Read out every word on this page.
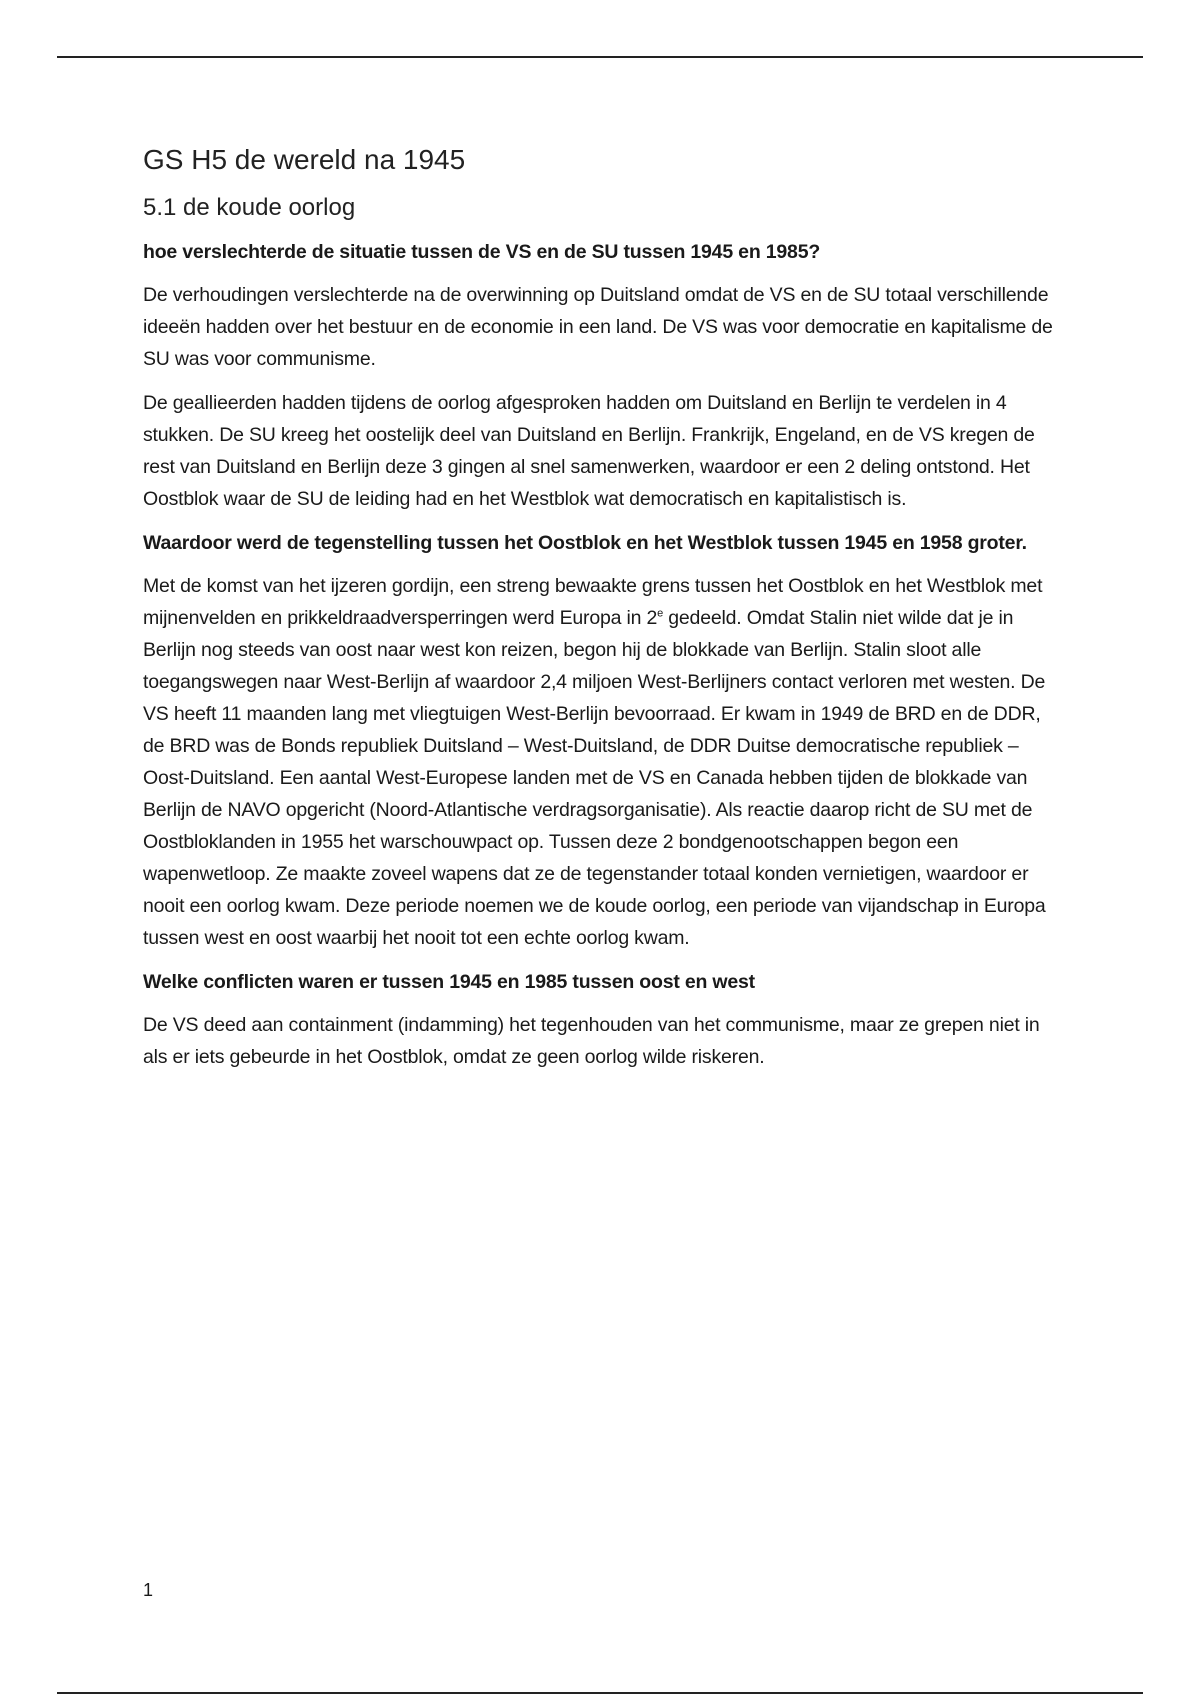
GS H5 de wereld na 1945
5.1 de koude oorlog

hoe verslechterde de situatie tussen de VS en de SU tussen 1945 en 1985?

De verhoudingen verslechterde na de overwinning op Duitsland omdat de VS en de SU totaal verschillende ideeën hadden over het bestuur en de economie in een land. De VS was voor democratie en kapitalisme de SU was voor communisme.

De geallieerden hadden tijdens de oorlog afgesproken hadden om Duitsland en Berlijn te verdelen in 4 stukken. De SU kreeg het oostelijk deel van Duitsland en Berlijn. Frankrijk, Engeland, en de VS kregen de rest van Duitsland en Berlijn deze 3 gingen al snel samenwerken, waardoor er een 2 deling ontstond. Het Oostblok waar de SU de leiding had en het Westblok wat democratisch en kapitalistisch is.

Waardoor werd de tegenstelling tussen het Oostblok en het Westblok tussen 1945 en 1958 groter.

Met de komst van het ijzeren gordijn, een streng bewaakte grens tussen het Oostblok en het Westblok met mijnenvelden en prikkeldraadversperringen werd Europa in 2e gedeeld. Omdat Stalin niet wilde dat je in Berlijn nog steeds van oost naar west kon reizen, begon hij de blokkade van Berlijn. Stalin sloot alle toegangswegen naar West-Berlijn af waardoor 2,4 miljoen West-Berlijners contact verloren met westen. De VS heeft 11 maanden lang met vliegtuigen West-Berlijn bevoorraad. Er kwam in 1949 de BRD en de DDR, de BRD was de Bonds republiek Duitsland – West-Duitsland, de DDR Duitse democratische republiek – Oost-Duitsland. Een aantal West-Europese landen met de VS en Canada hebben tijden de blokkade van Berlijn de NAVO opgericht (Noord-Atlantische verdragsorganisatie). Als reactie daarop richt de SU met de Oostbloklanden in 1955 het warschouwpact op. Tussen deze 2 bondgenootschappen begon een wapenwetloop. Ze maakte zoveel wapens dat ze de tegenstander totaal konden vernietigen, waardoor er nooit een oorlog kwam. Deze periode noemen we de koude oorlog, een periode van vijandschap in Europa tussen west en oost waarbij het nooit tot een echte oorlog kwam.

Welke conflicten waren er tussen 1945 en 1985 tussen oost en west

De VS deed aan containment (indamming) het tegenhouden van het communisme, maar ze grepen niet in als er iets gebeurde in het Oostblok, omdat ze geen oorlog wilde riskeren.

1
